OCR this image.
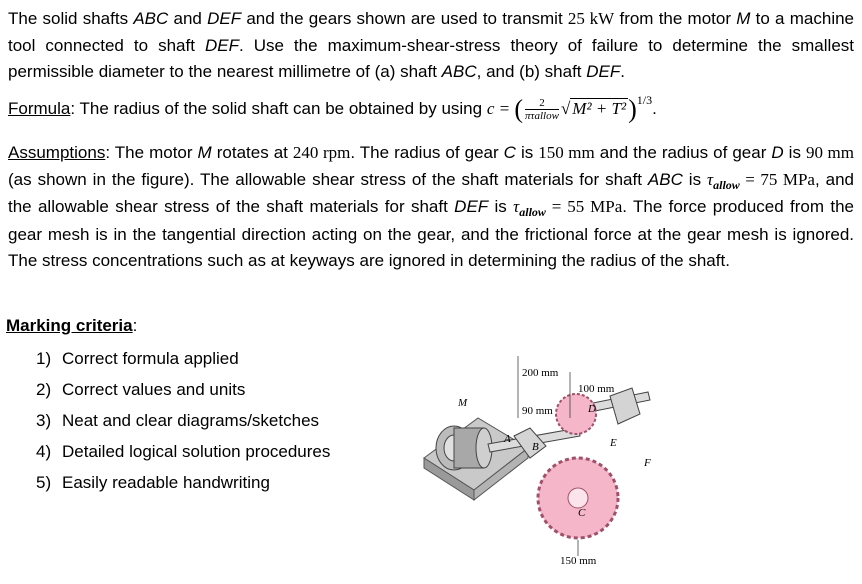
The solid shafts ABC and DEF and the gears shown are used to transmit 25 kW from the motor M to a machine tool connected to shaft DEF. Use the maximum-shear-stress theory of failure to determine the smallest permissible diameter to the nearest millimetre of (a) shaft ABC, and (b) shaft DEF.

Formula: The radius of the solid shaft can be obtained by using c = ( $\frac{2}{\text{πτallow}}$ √ M² + T²)$^{1/3}$.

Assumptions: The motor M rotates at 240 rpm. The radius of gear C is 150 mm and the radius of gear D is 90 mm (as shown in the figure). The allowable shear stress of the shaft materials for shaft ABC is $\tau_{allow} = 75$ MPa, and the allowable shear stress of the shaft materials for shaft DEF is $\tau_{allow} = 55$ MPa. The force produced from the gear mesh is in the tangential direction acting on the gear, and the frictional force at the gear mesh is ignored. The stress concentrations such as at keyways are ignored in determining the radius of the shaft.

Marking criteria:
1) Correct formula applied
2) Correct values and units
3) Neat and clear diagrams/sketches
4) Detailed logical solution procedures
5) Easily readable handwriting
200 mm
100 mm
90 mm
150 mm
M
A
B
C
D
E
F
